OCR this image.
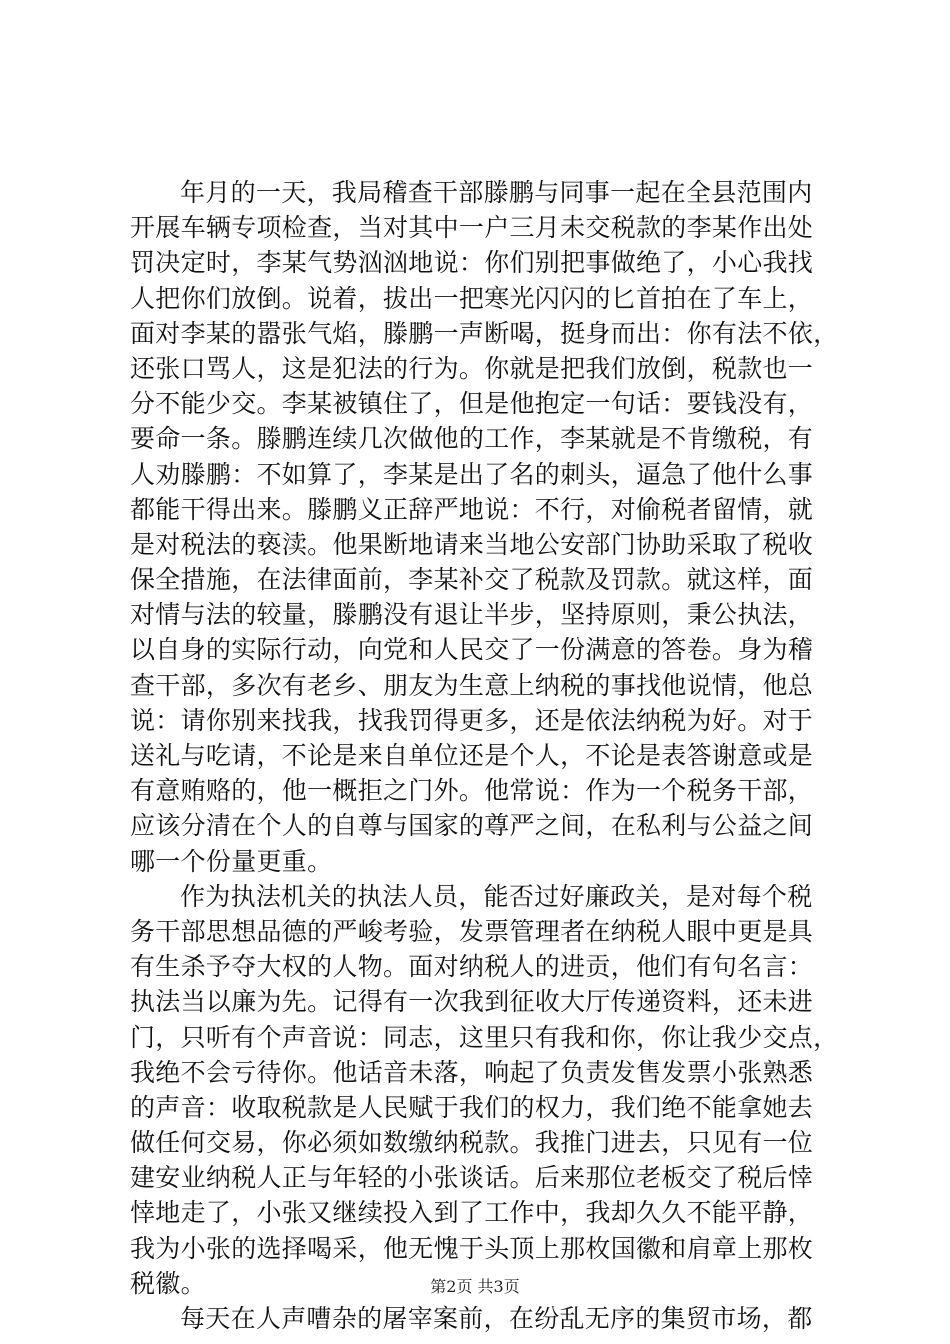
年月的一天，我局稽查干部滕鹏与同事一起在全县范围内
开展车辆专项检查，当对其中一户三月未交税款的李某作出处
罚决定时，李某气势汹汹地说：你们别把事做绝了，小心我找
人把你们放倒。说着，拔出一把寒光闪闪的匕首拍在了车上，
面对李某的嚣张气焰，滕鹏一声断喝，挺身而出：你有法不依，
还张口骂人，这是犯法的行为。你就是把我们放倒，税款也一
分不能少交。李某被镇住了，但是他抱定一句话：要钱没有，
要命一条。滕鹏连续几次做他的工作，李某就是不肯缴税，有
人劝滕鹏：不如算了，李某是出了名的刺头，逼急了他什么事
都能干得出来。滕鹏义正辞严地说：不行，对偷税者留情，就
是对税法的亵渎。他果断地请来当地公安部门协助采取了税收
保全措施，在法律面前，李某补交了税款及罚款。就这样，面
对情与法的较量，滕鹏没有退让半步，坚持原则，秉公执法，
以自身的实际行动，向党和人民交了一份满意的答卷。身为稽
查干部，多次有老乡、朋友为生意上纳税的事找他说情，他总
说：请你别来找我，找我罚得更多，还是依法纳税为好。对于
送礼与吃请，不论是来自单位还是个人，不论是表答谢意或是
有意贿赂的，他一概拒之门外。他常说：作为一个税务干部，
应该分清在个人的自尊与国家的尊严之间，在私利与公益之间
哪一个份量更重。
作为执法机关的执法人员，能否过好廉政关，是对每个税
务干部思想品德的严峻考验，发票管理者在纳税人眼中更是具
有生杀予夺大权的人物。面对纳税人的进贡，他们有句名言：
执法当以廉为先。记得有一次我到征收大厅传递资料，还未进
门，只听有个声音说：同志，这里只有我和你，你让我少交点，
我绝不会亏待你。他话音未落，响起了负责发售发票小张熟悉
的声音：收取税款是人民赋于我们的权力，我们绝不能拿她去
做任何交易，你必须如数缴纳税款。我推门进去，只见有一位
建安业纳税人正与年轻的小张谈话。后来那位老板交了税后悻
悻地走了，小张又继续投入到了工作中，我却久久不能平静，
我为小张的选择喝采，他无愧于头顶上那枚国徽和肩章上那枚
税徽。
每天在人声嘈杂的屠宰案前，在纷乱无序的集贸市场，都
第2页 共3页
